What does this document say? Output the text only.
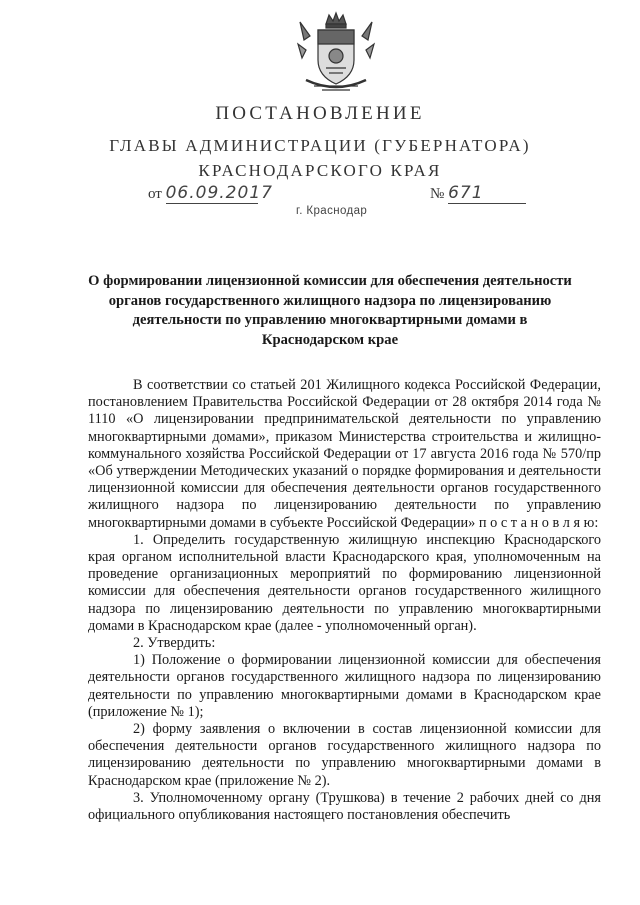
ПОСТАНОВЛЕНИЕ
ГЛАВЫ АДМИНИСТРАЦИИ (ГУБЕРНАТОРА)
КРАСНОДАРСКОГО КРАЯ
от 06.09.2017	№ 671
г. Краснодар
О формировании лицензионной комиссии для обеспечения деятельности органов государственного жилищного надзора по лицензированию деятельности по управлению многоквартирными домами в Краснодарском крае

В соответствии со статьей 201 Жилищного кодекса Российской Федерации, постановлением Правительства Российской Федерации от 28 октября 2014 года № 1110 «О лицензировании предпринимательской деятельности по управлению многоквартирными домами», приказом Министерства строительства и жилищно-коммунального хозяйства Российской Федерации от 17 августа 2016 года № 570/пр «Об утверждении Методических указаний о порядке формирования и деятельности лицензионной комиссии для обеспечения деятельности органов государственного жилищного надзора по лицензированию деятельности по управлению многоквартирными домами в субъекте Российской Федерации» п о с т а н о в л я ю:

1. Определить государственную жилищную инспекцию Краснодарского края органом исполнительной власти Краснодарского края, уполномоченным на проведение организационных мероприятий по формированию лицензионной комиссии для обеспечения деятельности органов государственного жилищного надзора по лицензированию деятельности по управлению многоквартирными домами в Краснодарском крае (далее - уполномоченный орган).

2. Утвердить:

1) Положение о формировании лицензионной комиссии для обеспечения деятельности органов государственного жилищного надзора по лицензированию деятельности по управлению многоквартирными домами в Краснодарском крае (приложение № 1);

2) форму заявления о включении в состав лицензионной комиссии для обеспечения деятельности органов государственного жилищного надзора по лицензированию деятельности по управлению многоквартирными домами в Краснодарском крае (приложение № 2).

3. Уполномоченному органу (Трушкова) в течение 2 рабочих дней со дня официального опубликования настоящего постановления обеспечить
